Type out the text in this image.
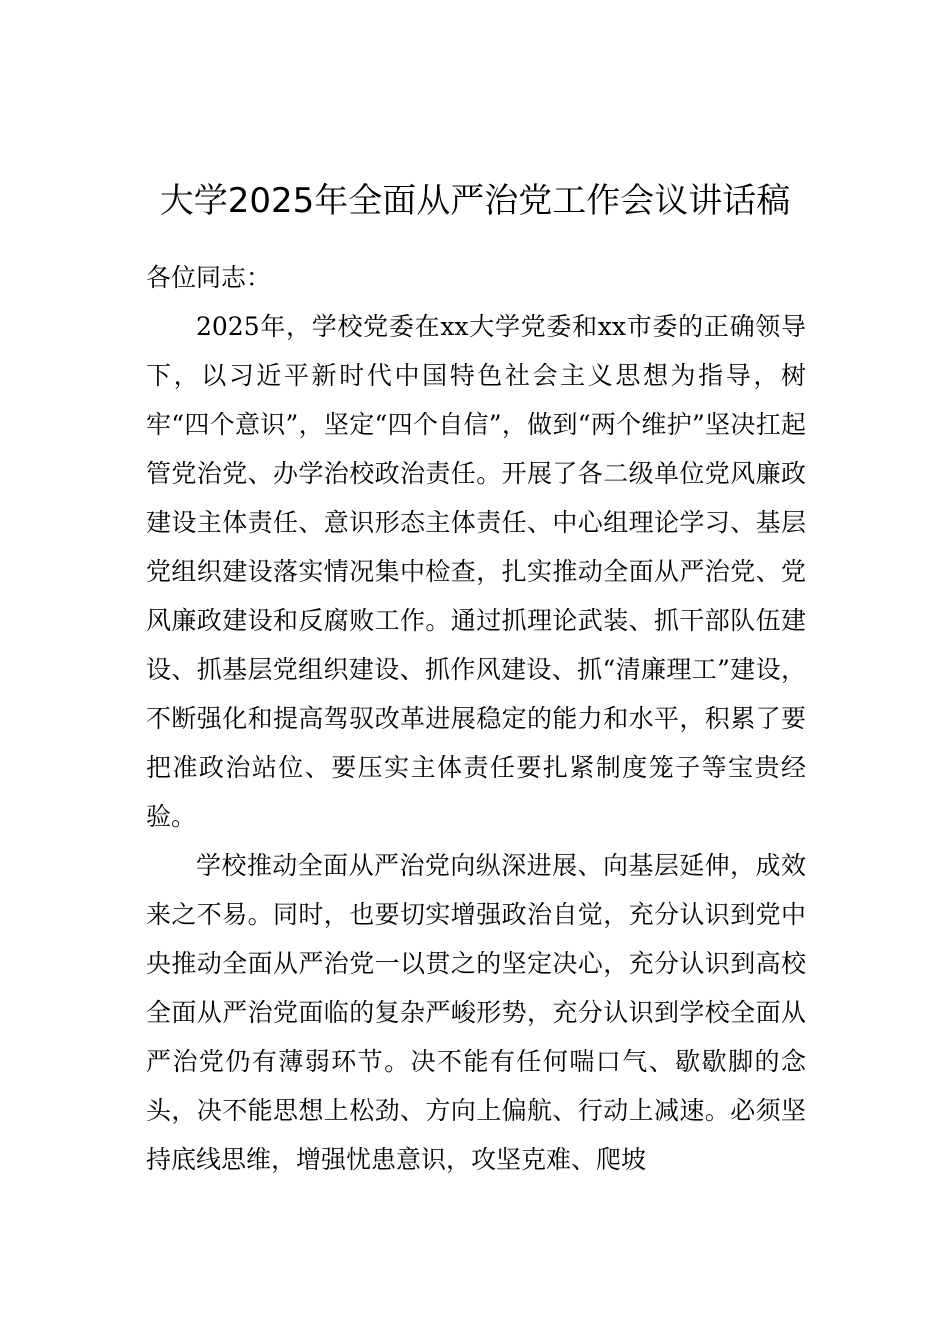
大学2025年全面从严治党工作会议讲话稿

各位同志：

2025年，学校党委在xx大学党委和xx市委的正确领导下，以习近平新时代中国特色社会主义思想为指导，树牢“四个意识”，坚定“四个自信”，做到“两个维护”坚决扛起管党治党、办学治校政治责任。开展了各二级单位党风廉政建设主体责任、意识形态主体责任、中心组理论学习、基层党组织建设落实情况集中检查，扎实推动全面从严治党、党风廉政建设和反腐败工作。通过抓理论武装、抓干部队伍建设、抓基层党组织建设、抓作风建设、抓“清廉理工”建设，不断强化和提高驾驭改革进展稳定的能力和水平，积累了要把准政治站位、要压实主体责任要扎紧制度笼子等宝贵经验。

学校推动全面从严治党向纵深进展、向基层延伸，成效来之不易。同时，也要切实增强政治自觉，充分认识到党中央推动全面从严治党一以贯之的坚定决心，充分认识到高校全面从严治党面临的复杂严峻形势，充分认识到学校全面从严治党仍有薄弱环节。决不能有任何喘口气、歇歇脚的念头，决不能思想上松劲、方向上偏航、行动上减速。必须坚持底线思维，增强忧患意识，攻坚克难、爬坡
